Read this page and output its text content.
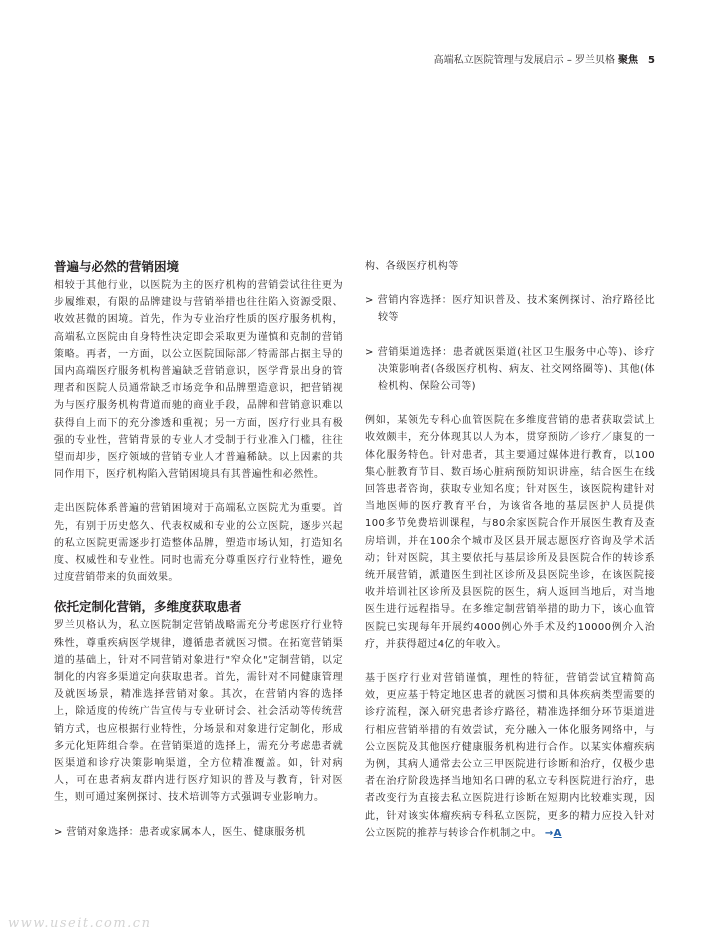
高端私立医院管理与发展启示 – 罗兰贝格 聚焦 5
普遍与必然的营销困境

相较于其他行业，以医院为主的医疗机构的营销尝试往往更为步履维艰，有限的品牌建设与营销举措也往往陷入资源受限、收效甚微的困境。首先，作为专业治疗性质的医疗服务机构，高端私立医院由自身特性决定即会采取更为谨慎和克制的营销策略。再者，一方面，以公立医院国际部／特需部占据主导的国内高端医疗服务机构普遍缺乏营销意识，医学背景出身的管理者和医院人员通常缺乏市场竞争和品牌塑造意识，把营销视为与医疗服务机构背道而驰的商业手段，品牌和营销意识难以获得自上而下的充分渗透和重视；另一方面，医疗行业具有极强的专业性，营销背景的专业人才受制于行业准入门槛，往往望而却步，医疗领域的营销专业人才普遍稀缺。以上因素的共同作用下，医疗机构陷入营销困境具有其普遍性和必然性。

走出医院体系普遍的营销困境对于高端私立医院尤为重要。首先，有别于历史悠久、代表权威和专业的公立医院，逐步兴起的私立医院更需逐步打造整体品牌，塑造市场认知，打造知名度、权威性和专业性。同时也需充分尊重医疗行业特性，避免过度营销带来的负面效果。

依托定制化营销，多维度获取患者

罗兰贝格认为，私立医院制定营销战略需充分考虑医疗行业特殊性，尊重疾病医学规律，遵循患者就医习惯。在拓宽营销渠道的基础上，针对不同营销对象进行"窄众化"定制营销，以定制化的内容多渠道定向获取患者。首先，需针对不同健康管理及就医场景，精准选择营销对象。其次，在营销内容的选择上，除适度的传统广告宣传与专业研讨会、社会活动等传统营销方式，也应根据行业特性，分场景和对象进行定制化，形成多元化矩阵组合拳。在营销渠道的选择上，需充分考虑患者就医渠道和诊疗决策影响渠道，全方位精准覆盖。如，针对病人，可在患者病友群内进行医疗知识的普及与教育，针对医生，则可通过案例探讨、技术培训等方式强调专业影响力。

> 营销对象选择：患者或家属本人，医生、健康服务机

构、各级医疗机构等

> 营销内容选择：医疗知识普及、技术案例探讨、治疗路径比较等

> 营销渠道选择：患者就医渠道(社区卫生服务中心等)、诊疗决策影响者(各级医疗机构、病友、社交网络圈等)、其他(体检机构、保险公司等)

例如，某领先专科心血管医院在多维度营销的患者获取尝试上收效颇丰，充分体现其以人为本，贯穿预防／诊疗／康复的一体化服务特色。针对患者，其主要通过媒体进行教育，以100集心脏教育节目、数百场心脏病预防知识讲座，结合医生在线回答患者咨询，获取专业知名度；针对医生，该医院构建针对当地医师的医疗教育平台，为该省各地的基层医护人员提供100多节免费培训课程，与80余家医院合作开展医生教育及查房培训，并在100余个城市及区县开展志愿医疗咨询及学术活动；针对医院，其主要依托与基层诊所及县医院合作的转诊系统开展营销，派遣医生到社区诊所及县医院坐诊，在该医院接收并培训社区诊所及县医院的医生，病人返回当地后，对当地医生进行远程指导。在多维定制营销举措的助力下，该心血管医院已实现每年开展约4000例心外手术及约10000例介入治疗，并获得超过4亿的年收入。

基于医疗行业对营销谨慎，理性的特征，营销尝试宜精简高效，更应基于特定地区患者的就医习惯和具体疾病类型需要的诊疗流程，深入研究患者诊疗路径，精准选择细分环节渠道进行相应营销举措的有效尝试，充分融入一体化服务网络中，与公立医院及其他医疗健康服务机构进行合作。以某实体瘤疾病为例，其病人通常去公立三甲医院进行诊断和治疗，仅极少患者在治疗阶段选择当地知名口碑的私立专科医院进行治疗，患者改变行为直接去私立医院进行诊断在短期内比较难实现，因此，针对该实体瘤疾病专科私立医院，更多的精力应投入针对公立医院的推荐与转诊合作机制之中。 →A

www.useit.com.cn
